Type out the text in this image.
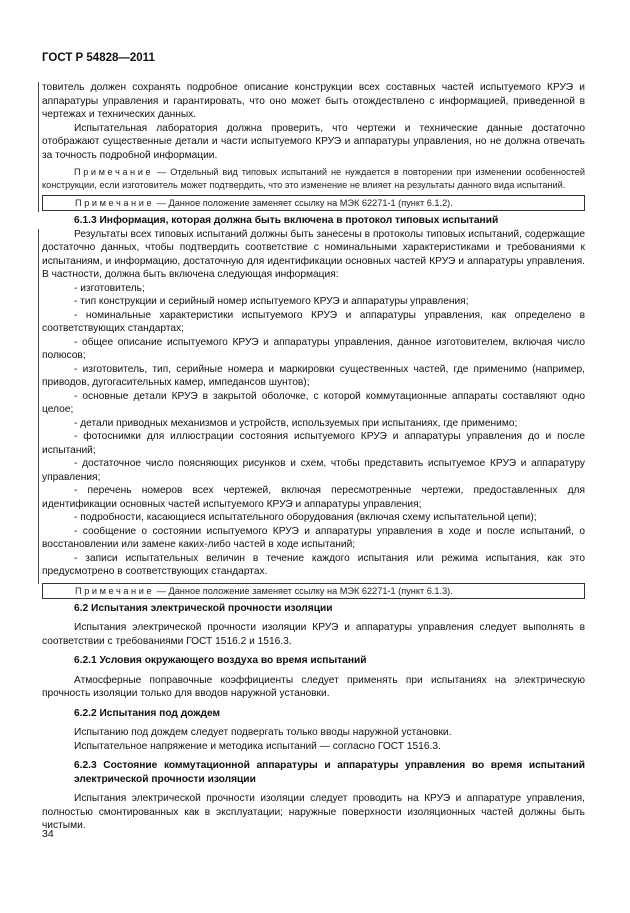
ГОСТ Р 54828—2011

товитель должен сохранять подробное описание конструкции всех составных частей испытуемого КРУЭ и аппаратуры управления и гарантировать, что оно может быть отождествлено с информацией, приведенной в чертежах и технических данных.

Испытательная лаборатория должна проверить, что чертежи и технические данные достаточно отображают существенные детали и части испытуемого КРУЭ и аппаратуры управления, но не должна отвечать за точность подробной информации.

Примечание — Отдельный вид типовых испытаний не нуждается в повторении при изменении особенностей конструкции, если изготовитель может подтвердить, что это изменение не влияет на результаты данного вида испытаний.

Примечание — Данное положение заменяет ссылку на МЭК 62271-1 (пункт 6.1.2).
6.1.3 Информация, которая должна быть включена в протокол типовых испытаний

Результаты всех типовых испытаний должны быть занесены в протоколы типовых испытаний, содержащие достаточно данных, чтобы подтвердить соответствие с номинальными характеристиками и требованиями к испытаниям, и информацию, достаточную для идентификации основных частей КРУЭ и аппаратуры управления. В частности, должна быть включена следующая информация:

- изготовитель;

- тип конструкции и серийный номер испытуемого КРУЭ и аппаратуры управления;

- номинальные характеристики испытуемого КРУЭ и аппаратуры управления, как определено в соответствующих стандартах;

- общее описание испытуемого КРУЭ и аппаратуры управления, данное изготовителем, включая число полюсов;

- изготовитель, тип, серийные номера и маркировки существенных частей, где применимо (например, приводов, дугогасительных камер, импедансов шунтов);

- основные детали КРУЭ в закрытой оболочке, с которой коммутационные аппараты составляют одно целое;

- детали приводных механизмов и устройств, используемых при испытаниях, где применимо;

- фотоснимки для иллюстрации состояния испытуемого КРУЭ и аппаратуры управления до и после испытаний;

- достаточное число поясняющих рисунков и схем, чтобы представить испытуемое КРУЭ и аппаратуру управления;

- перечень номеров всех чертежей, включая пересмотренные чертежи, предоставленных для идентификации основных частей испытуемого КРУЭ и аппаратуры управления;

- подробности, касающиеся испытательного оборудования (включая схему испытательной цепи);

- сообщение о состоянии испытуемого КРУЭ и аппаратуры управления в ходе и после испытаний, о восстановлении или замене каких-либо частей в ходе испытаний;

- записи испытательных величин в течение каждого испытания или режима испытания, как это предусмотрено в соответствующих стандартах.

Примечание — Данное положение заменяет ссылку на МЭК 62271-1 (пункт 6.1.3).
6.2 Испытания электрической прочности изоляции

Испытания электрической прочности изоляции КРУЭ и аппаратуры управления следует выполнять в соответствии с требованиями ГОСТ 1516.2 и 1516.3.

6.2.1 Условия окружающего воздуха во время испытаний

Атмосферные поправочные коэффициенты следует применять при испытаниях на электрическую прочность изоляции только для вводов наружной установки.

6.2.2 Испытания под дождем

Испытанию под дождем следует подвергать только вводы наружной установки.

Испытательное напряжение и методика испытаний — согласно ГОСТ 1516.3.

6.2.3 Состояние коммутационной аппаратуры и аппаратуры управления во время испытаний электрической прочности изоляции

Испытания электрической прочности изоляции следует проводить на КРУЭ и аппаратуре управления, полностью смонтированных как в эксплуатации; наружные поверхности изоляционных частей должны быть чистыми.

34
